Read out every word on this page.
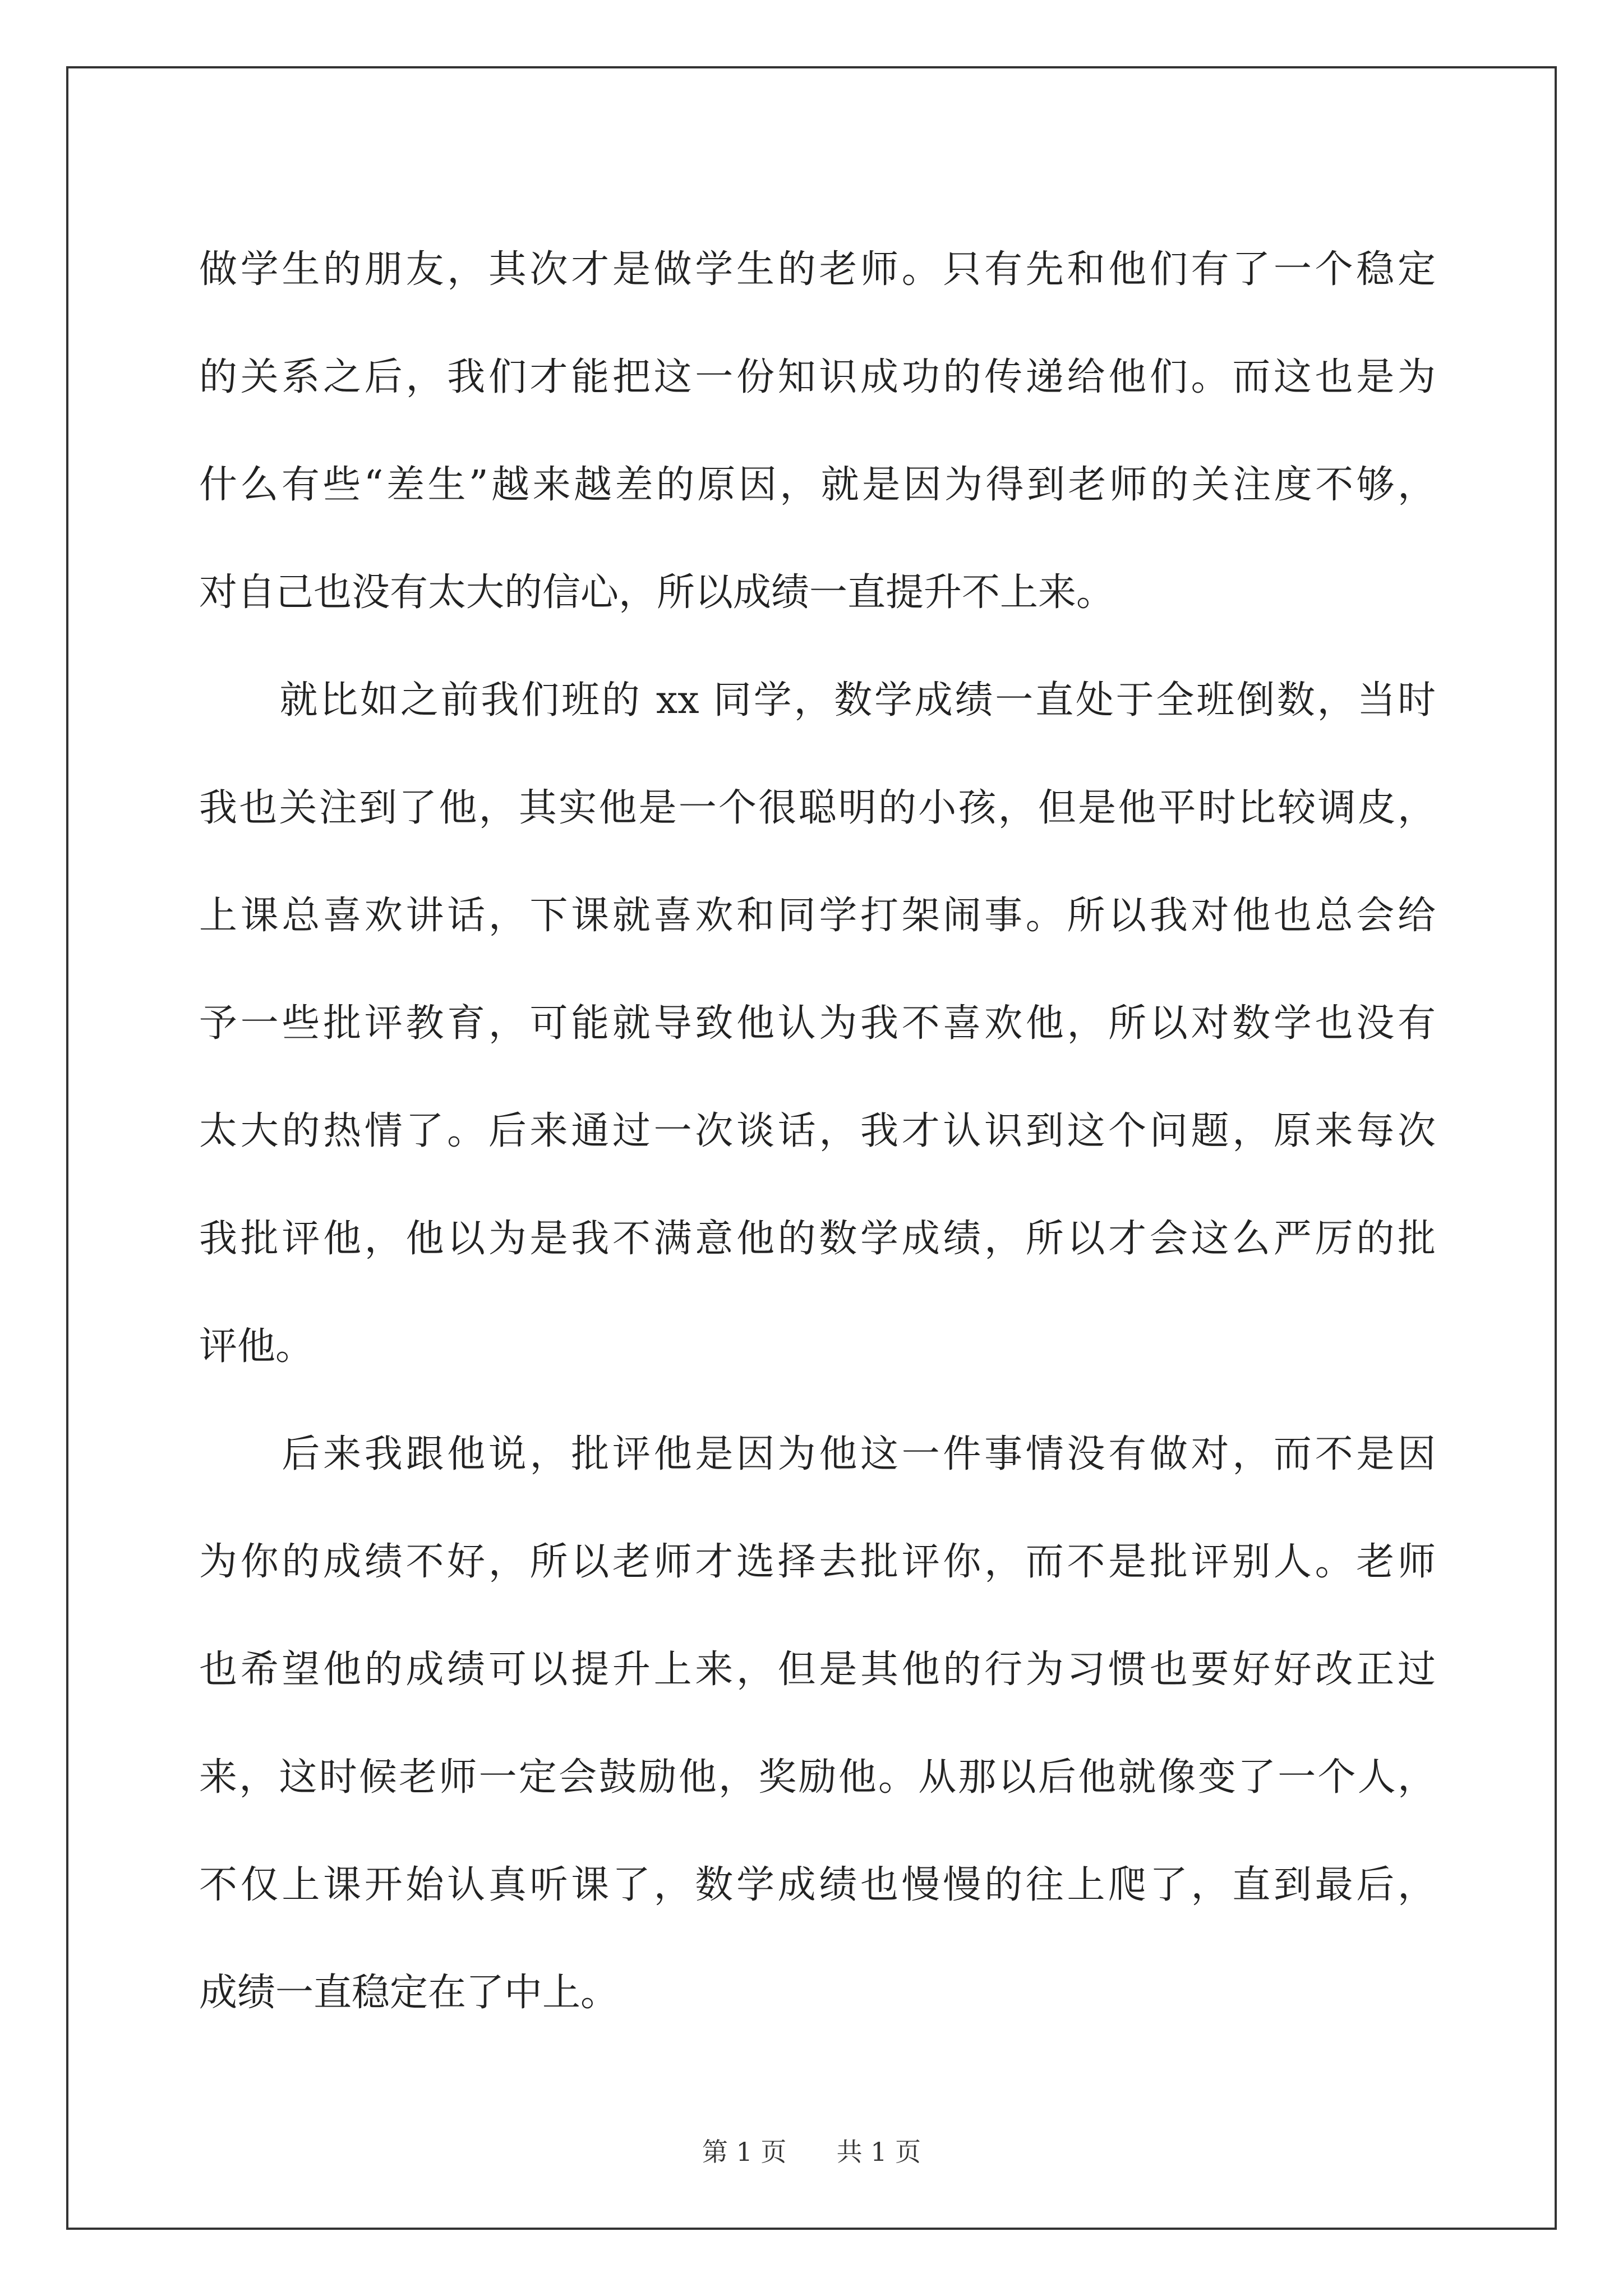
做学生的朋友，其次才是做学生的老师。只有先和他们有了一个稳定
的关系之后，我们才能把这一份知识成功的传递给他们。而这也是为
什么有些“差生”越来越差的原因，就是因为得到老师的关注度不够，
对自己也没有太大的信心，所以成绩一直提升不上来。
　　就比如之前我们班的 xx 同学，数学成绩一直处于全班倒数，当时
我也关注到了他，其实他是一个很聪明的小孩，但是他平时比较调皮，
上课总喜欢讲话，下课就喜欢和同学打架闹事。所以我对他也总会给
予一些批评教育，可能就导致他认为我不喜欢他，所以对数学也没有
太大的热情了。后来通过一次谈话，我才认识到这个问题，原来每次
我批评他，他以为是我不满意他的数学成绩，所以才会这么严厉的批
评他。
　　后来我跟他说，批评他是因为他这一件事情没有做对，而不是因
为你的成绩不好，所以老师才选择去批评你，而不是批评别人。老师
也希望他的成绩可以提升上来，但是其他的行为习惯也要好好改正过
来，这时候老师一定会鼓励他，奖励他。从那以后他就像变了一个人，
不仅上课开始认真听课了，数学成绩也慢慢的往上爬了，直到最后，
成绩一直稳定在了中上。
第 1 页 共 1 页
